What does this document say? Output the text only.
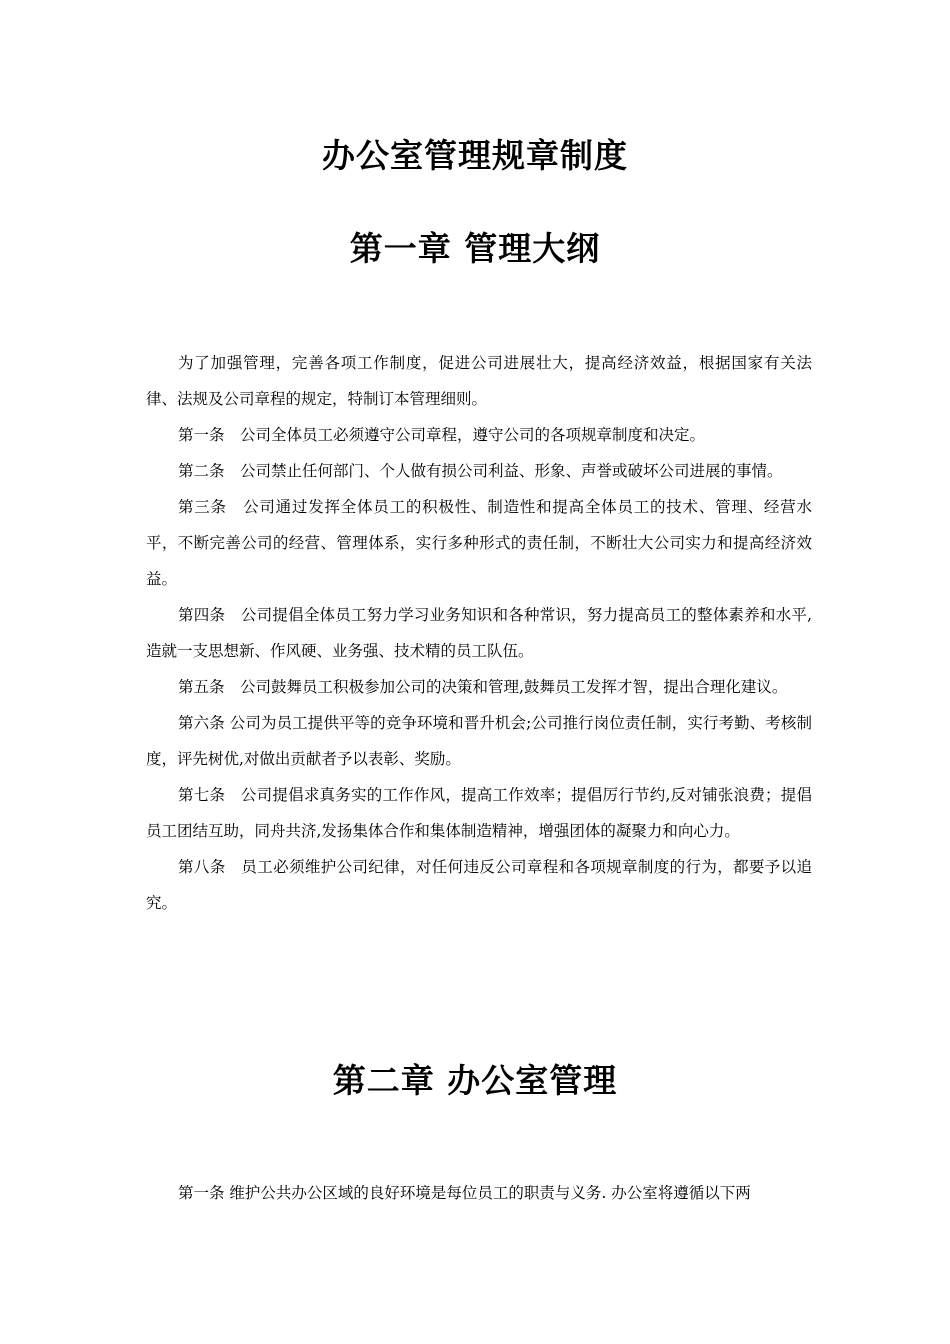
办公室管理规章制度
第一章 管理大纲

为了加强管理，完善各项工作制度，促进公司进展壮大，提高经济效益，根据国家有关法律、法规及公司章程的规定，特制订本管理细则。

第一条　公司全体员工必须遵守公司章程，遵守公司的各项规章制度和决定。

第二条　公司禁止任何部门、个人做有损公司利益、形象、声誉或破坏公司进展的事情。

第三条　公司通过发挥全体员工的积极性、制造性和提高全体员工的技术、管理、经营水平，不断完善公司的经营、管理体系，实行多种形式的责任制，不断壮大公司实力和提高经济效益。

第四条　公司提倡全体员工努力学习业务知识和各种常识，努力提高员工的整体素养和水平,造就一支思想新、作风硬、业务强、技术精的员工队伍。

第五条　公司鼓舞员工积极参加公司的决策和管理,鼓舞员工发挥才智，提出合理化建议。

第六条 公司为员工提供平等的竞争环境和晋升机会;公司推行岗位责任制，实行考勤、考核制度，评先树优,对做出贡献者予以表彰、奖励。

第七条　公司提倡求真务实的工作作风，提高工作效率；提倡厉行节约,反对铺张浪费；提倡员工团结互助，同舟共济,发扬集体合作和集体制造精神，增强团体的凝聚力和向心力。

第八条　员工必须维护公司纪律，对任何违反公司章程和各项规章制度的行为，都要予以追究。

第二章 办公室管理

第一条 维护公共办公区域的良好环境是每位员工的职责与义务. 办公室将遵循以下两
